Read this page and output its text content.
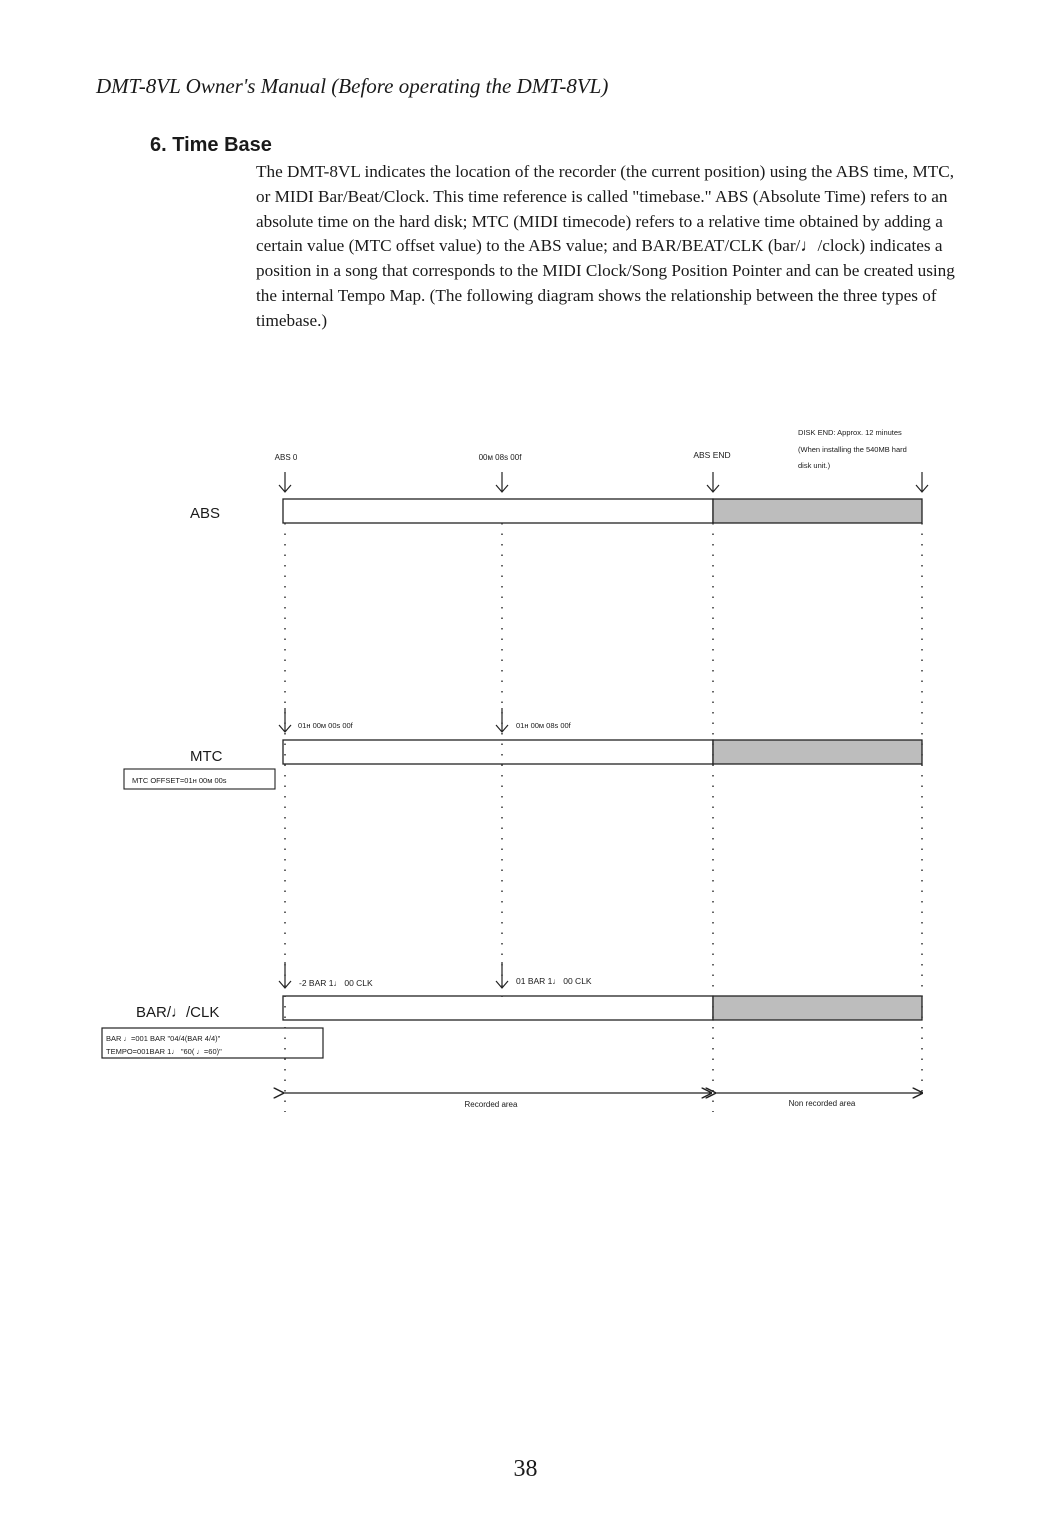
DMT-8VL Owner's Manual (Before operating the DMT-8VL)
6. Time Base

The DMT-8VL indicates the location of the recorder (the current position) using the ABS time, MTC, or MIDI Bar/Beat/Clock. This time reference is called "timebase." ABS (Absolute Time) refers to an absolute time on the hard disk; MTC (MIDI timecode) refers to a relative time obtained by adding a certain value (MTC offset value) to the ABS value; and BAR/BEAT/CLK (bar/♩/clock) indicates a position in a song that corresponds to the MIDI Clock/Song Position Pointer and can be created using the internal Tempo Map. (The following diagram shows the relationship between the three types of timebase.)

ABS 0	00м 08s 00f	ABS END
DISK END: Approx. 12 minutes
(When installing the 540MB hard
disk unit.)
ABS
01н 00м 00s 00f	01н 00м 08s 00f
MTC
MTC OFFSET=01н 00м 00s
-2 BAR 1♩ 00 CLK	01 BAR 1♩ 00 CLK
BAR/♩/CLK
BAR ♩=001 BAR "04/4(BAR 4/4)"
TEMPO=001BAR 1♩ "60( ♩=60)"
Recorded area	Non recorded area
38
